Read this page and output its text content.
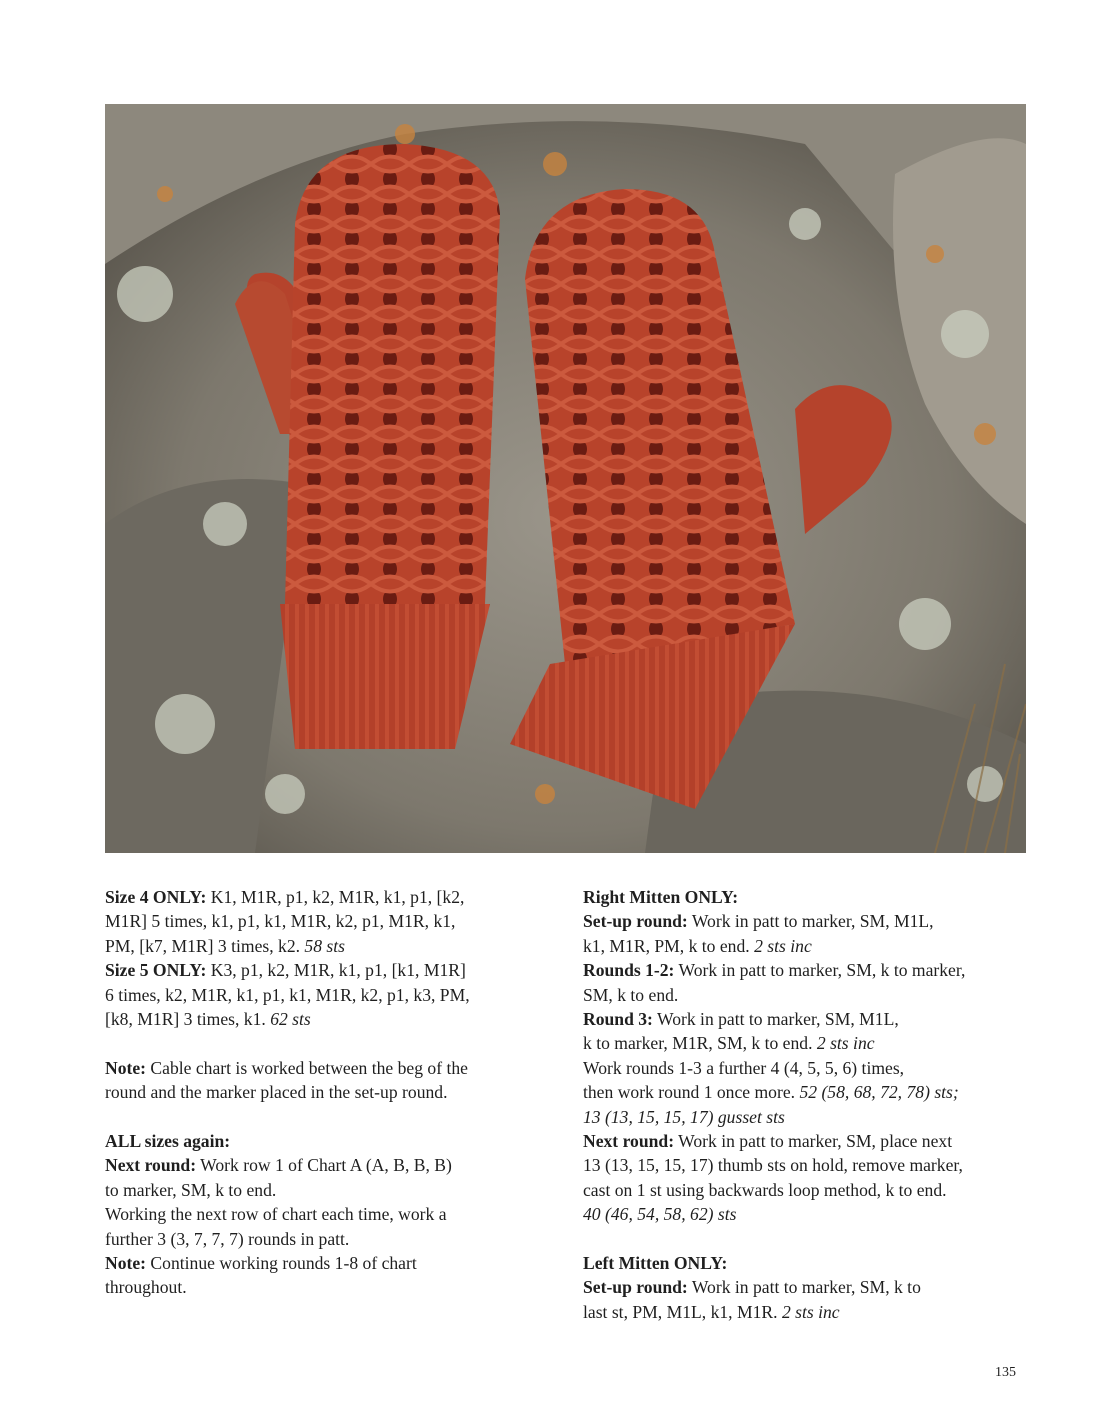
Size 4 ONLY: K1, M1R, p1, k2, M1R, k1, p1, [k2,
M1R] 5 times, k1, p1, k1, M1R, k2, p1, M1R, k1,
PM, [k7, M1R] 3 times, k2. 58 sts
Size 5 ONLY: K3, p1, k2, M1R, k1, p1, [k1, M1R]
6 times, k2, M1R, k1, p1, k1, M1R, k2, p1, k3, PM,
[k8, M1R] 3 times, k1. 62 sts
Note: Cable chart is worked between the beg of the
round and the marker placed in the set-up round.
ALL sizes again:
Next round: Work row 1 of Chart A (A, B, B, B)
to marker, SM, k to end.
Working the next row of chart each time, work a
further 3 (3, 7, 7, 7) rounds in patt.
Note: Continue working rounds 1-8 of chart
throughout.
Right Mitten ONLY:
Set-up round: Work in patt to marker, SM, M1L,
k1, M1R, PM, k to end. 2 sts inc
Rounds 1-2: Work in patt to marker, SM, k to marker,
SM, k to end.
Round 3: Work in patt to marker, SM, M1L,
k to marker, M1R, SM, k to end. 2 sts inc
Work rounds 1-3 a further 4 (4, 5, 5, 6) times,
then work round 1 once more. 52 (58, 68, 72, 78) sts;
13 (13, 15, 15, 17) gusset sts
Next round: Work in patt to marker, SM, place next
13 (13, 15, 15, 17) thumb sts on hold, remove marker,
cast on 1 st using backwards loop method, k to end.
40 (46, 54, 58, 62) sts
Left Mitten ONLY:
Set-up round: Work in patt to marker, SM, k to
last st, PM, M1L, k1, M1R. 2 sts inc
135
